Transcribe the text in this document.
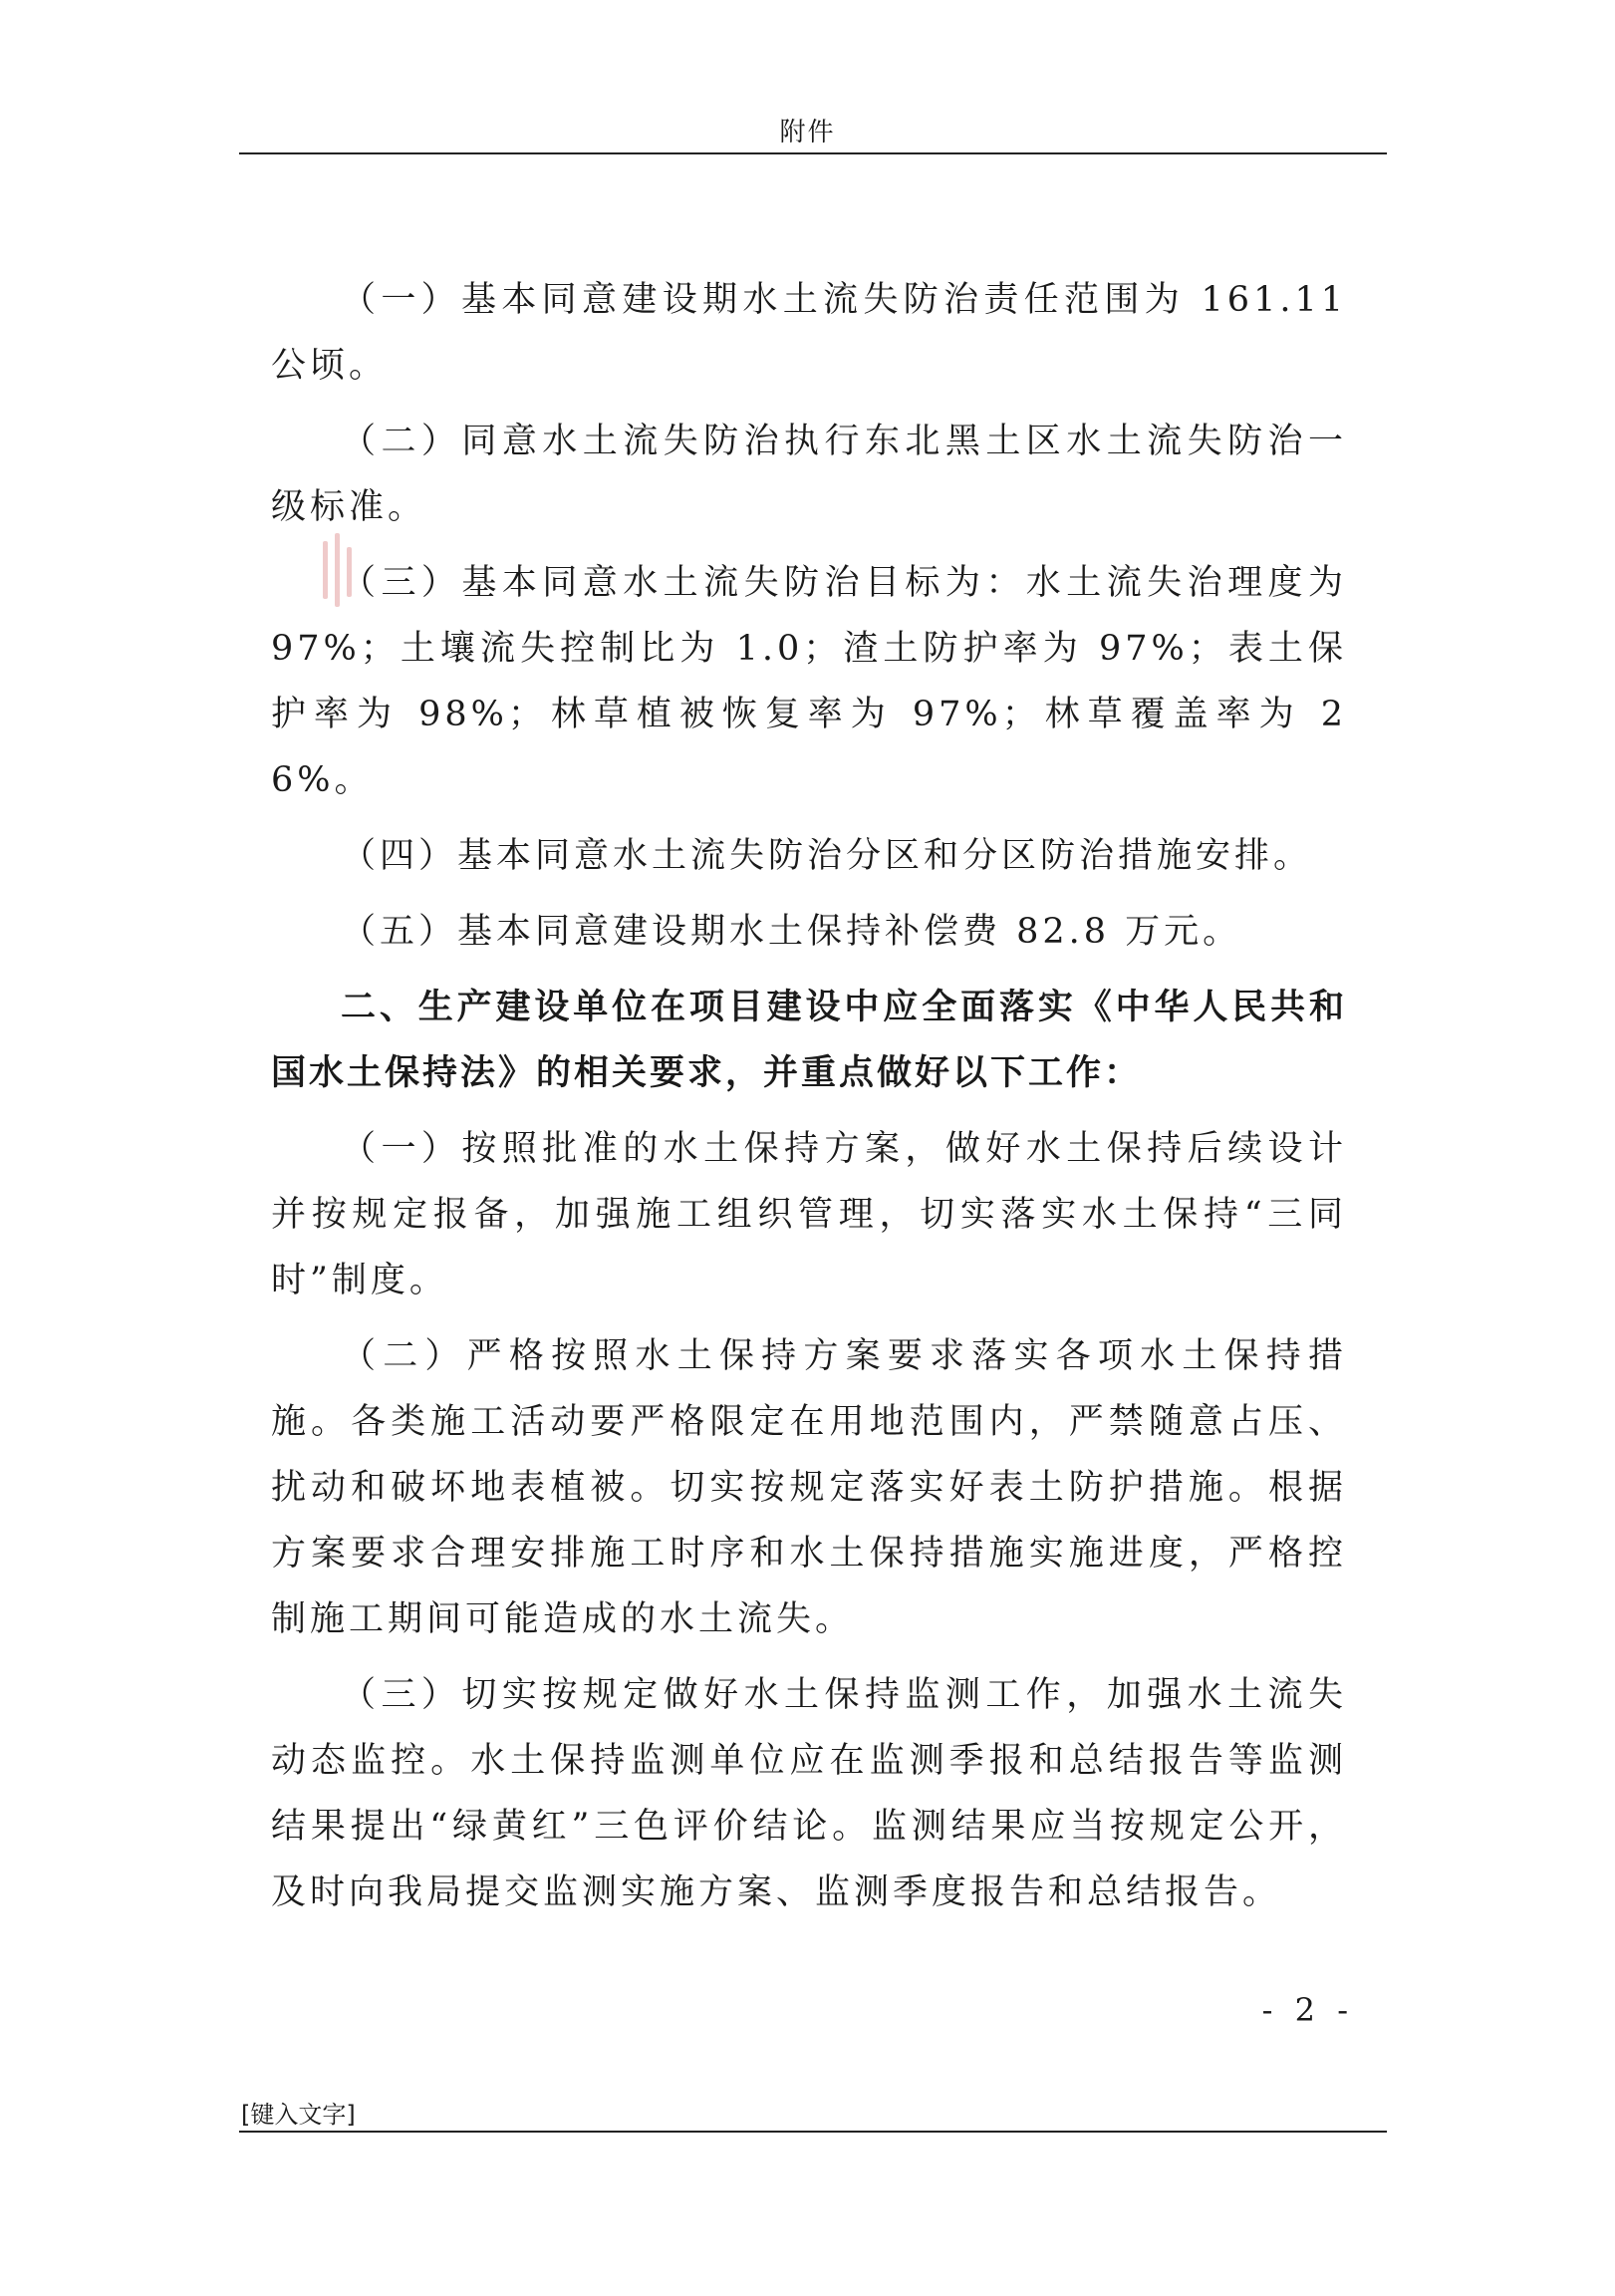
附件

（一）基本同意建设期水土流失防治责任范围为 161.11 公顷。

（二）同意水土流失防治执行东北黑土区水土流失防治一级标准。

（三）基本同意水土流失防治目标为：水土流失治理度为 97%；土壤流失控制比为 1.0；渣土防护率为 97%；表土保护率为 98%；林草植被恢复率为 97%；林草覆盖率为 26%。

（四）基本同意水土流失防治分区和分区防治措施安排。

（五）基本同意建设期水土保持补偿费 82.8 万元。

二、生产建设单位在项目建设中应全面落实《中华人民共和国水土保持法》的相关要求，并重点做好以下工作：

（一）按照批准的水土保持方案，做好水土保持后续设计并按规定报备，加强施工组织管理，切实落实水土保持“三同时”制度。

（二）严格按照水土保持方案要求落实各项水土保持措施。各类施工活动要严格限定在用地范围内，严禁随意占压、扰动和破坏地表植被。切实按规定落实好表土防护措施。根据方案要求合理安排施工时序和水土保持措施实施进度，严格控制施工期间可能造成的水土流失。

（三）切实按规定做好水土保持监测工作，加强水土流失动态监控。水土保持监测单位应在监测季报和总结报告等监测结果提出“绿黄红”三色评价结论。监测结果应当按规定公开，及时向我局提交监测实施方案、监测季度报告和总结报告。

- 2 -
[键入文字]
